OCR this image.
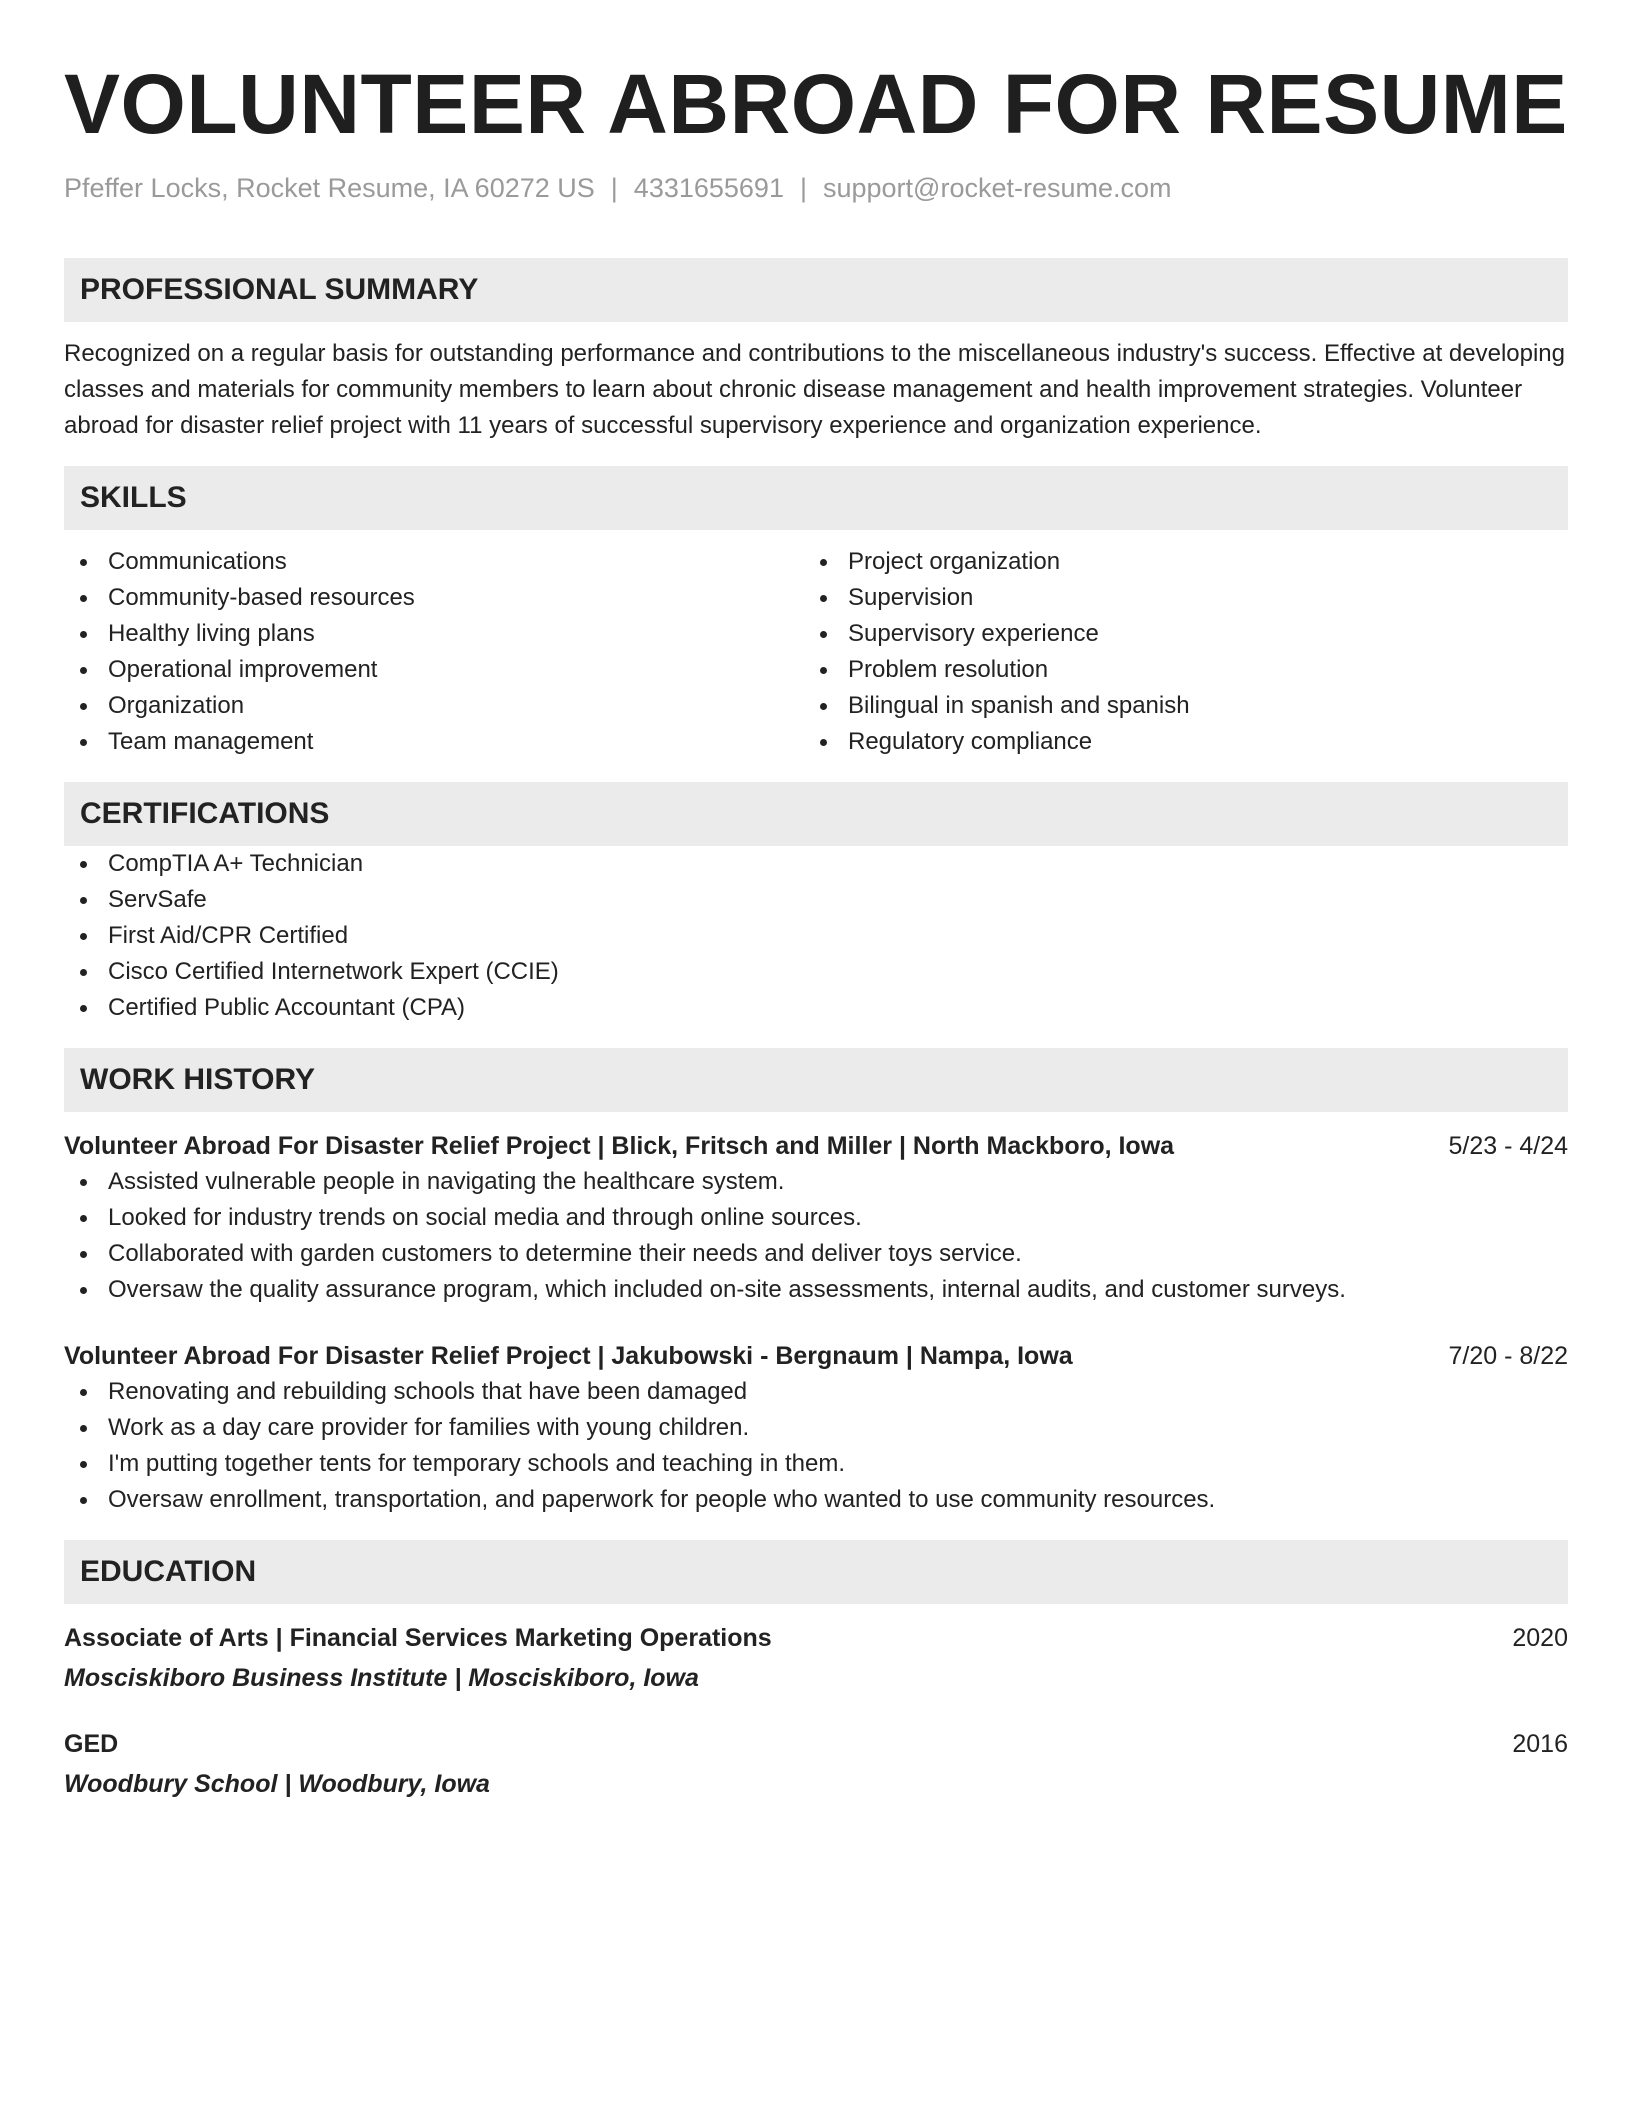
VOLUNTEER ABROAD FOR RESUME
Pfeffer Locks, Rocket Resume, IA 60272 US | 4331655691 | support@rocket-resume.com
PROFESSIONAL SUMMARY
Recognized on a regular basis for outstanding performance and contributions to the miscellaneous industry's success. Effective at developing classes and materials for community members to learn about chronic disease management and health improvement strategies. Volunteer abroad for disaster relief project with 11 years of successful supervisory experience and organization experience.
SKILLS
Communications
Community-based resources
Healthy living plans
Operational improvement
Organization
Team management
Project organization
Supervision
Supervisory experience
Problem resolution
Bilingual in spanish and spanish
Regulatory compliance
CERTIFICATIONS
CompTIA A+ Technician
ServSafe
First Aid/CPR Certified
Cisco Certified Internetwork Expert (CCIE)
Certified Public Accountant (CPA)
WORK HISTORY
Volunteer Abroad For Disaster Relief Project | Blick, Fritsch and Miller | North Mackboro, Iowa	5/23 - 4/24
Assisted vulnerable people in navigating the healthcare system.
Looked for industry trends on social media and through online sources.
Collaborated with garden customers to determine their needs and deliver toys service.
Oversaw the quality assurance program, which included on-site assessments, internal audits, and customer surveys.
Volunteer Abroad For Disaster Relief Project | Jakubowski - Bergnaum | Nampa, Iowa	7/20 - 8/22
Renovating and rebuilding schools that have been damaged
Work as a day care provider for families with young children.
I'm putting together tents for temporary schools and teaching in them.
Oversaw enrollment, transportation, and paperwork for people who wanted to use community resources.
EDUCATION
Associate of Arts | Financial Services Marketing Operations	2020
Mosciskiboro Business Institute | Mosciskiboro, Iowa
GED	2016
Woodbury School | Woodbury, Iowa
